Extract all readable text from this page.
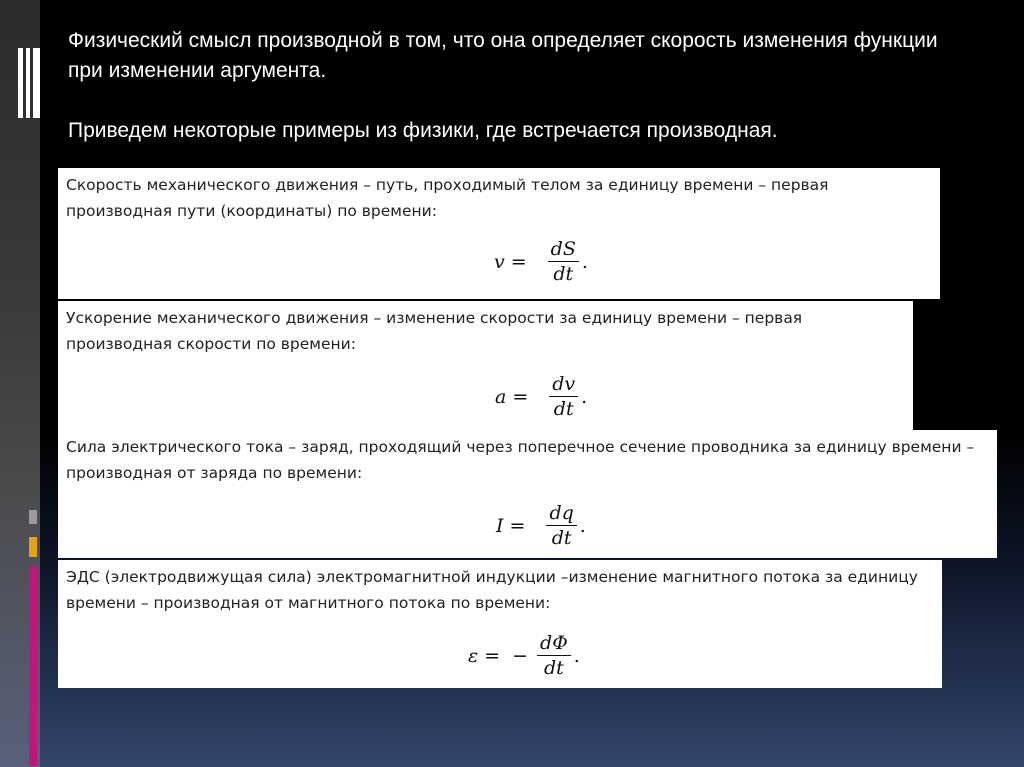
Физический смысл производной в том, что она определяет скорость изменения функции при изменении аргумента.

Приведем некоторые примеры из физики, где встречается производная.

Скорость механического движения – путь, проходимый телом за единицу времени – первая производная пути (координаты) по времени:

$v = \frac{dS}{dt}$ .

Ускорение механического движения – изменение скорости за единицу времени – первая производная скорости по времени:

$a = \frac{dv}{dt}$ .

Сила электрического тока – заряд, проходящий через поперечное сечение проводника за единицу времени – производная от заряда по времени:

$I = \frac{dq}{dt}$ .

ЭДС (электродвижущая сила) электромагнитной индукции –изменение магнитного потока за единицу времени – производная от магнитного потока по времени:

ε = − $\frac{d\Phi}{dt}$ .
